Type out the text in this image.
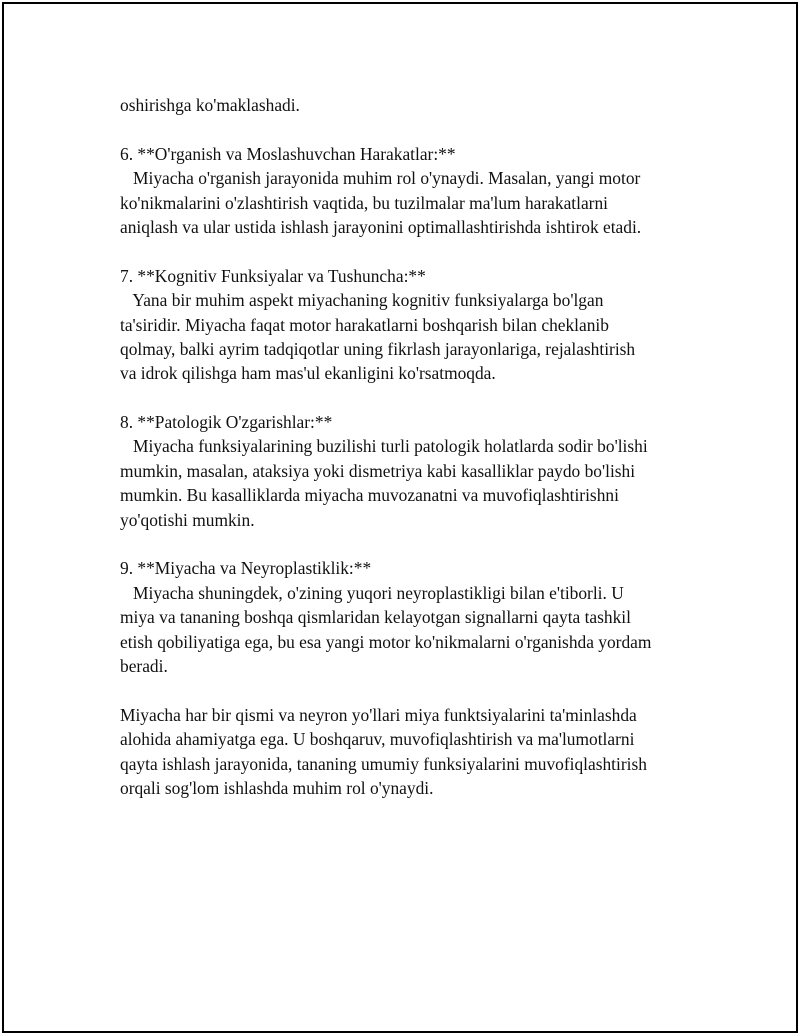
oshirishga ko'maklashadi.
6. **O'rganish va Moslashuvchan Harakatlar:**
Miyacha o'rganish jarayonida muhim rol o'ynaydi. Masalan, yangi motor
ko'nikmalarini o'zlashtirish vaqtida, bu tuzilmalar ma'lum harakatlarni
aniqlash va ular ustida ishlash jarayonini optimallashtirishda ishtirok etadi.
7. **Kognitiv Funksiyalar va Tushuncha:**
Yana bir muhim aspekt miyachaning kognitiv funksiyalarga bo'lgan
ta'siridir. Miyacha faqat motor harakatlarni boshqarish bilan cheklanib
qolmay, balki ayrim tadqiqotlar uning fikrlash jarayonlariga, rejalashtirish
va idrok qilishga ham mas'ul ekanligini ko'rsatmoqda.
8. **Patologik O'zgarishlar:**
Miyacha funksiyalarining buzilishi turli patologik holatlarda sodir bo'lishi
mumkin, masalan, ataksiya yoki dismetriya kabi kasalliklar paydo bo'lishi
mumkin. Bu kasalliklarda miyacha muvozanatni va muvofiqlashtirishni
yo'qotishi mumkin.
9. **Miyacha va Neyroplastiklik:**
Miyacha shuningdek, o'zining yuqori neyroplastikligi bilan e'tiborli. U
miya va tananing boshqa qismlaridan kelayotgan signallarni qayta tashkil
etish qobiliyatiga ega, bu esa yangi motor ko'nikmalarni o'rganishda yordam
beradi.
Miyacha har bir qismi va neyron yo'llari miya funktsiyalarini ta'minlashda
alohida ahamiyatga ega. U boshqaruv, muvofiqlashtirish va ma'lumotlarni
qayta ishlash jarayonida, tananing umumiy funksiyalarini muvofiqlashtirish
orqali sog'lom ishlashda muhim rol o'ynaydi.
